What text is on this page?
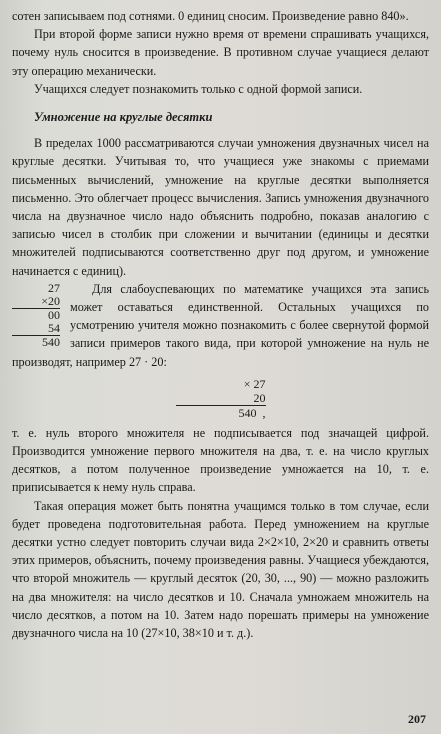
сотен записываем под сотнями. 0 единиц сносим. Произведение равно 840».

При второй форме записи нужно время от времени спрашивать учащихся, почему нуль сносится в произведение. В противном случае учащиеся делают эту операцию механически.

Учащихся следует познакомить только с одной формой записи.

Умножение на круглые десятки

В пределах 1000 рассматриваются случаи умножения двузначных чисел на круглые десятки. Учитывая то, что учащиеся уже знакомы с приемами письменных вычислений, умножение на круглые десятки выполняется письменно. Это облегчает процесс вычисления. Запись умножения двузначного числа на двузначное число надо объяснить подробно, показав аналогию с записью чисел в столбик при сложении и вычитании (единицы и десятки множителей подписываются соответственно друг под другом, и умножение начинается с единиц).

27
×20
00
54
540

Для слабоуспевающих по математике учащихся эта запись может оставаться единственной. Остальных учащихся по усмотрению учителя можно познакомить с более свернутой формой записи примеров такого вида, при которой умножение на нуль не производят, например 27 · 20:

× 27
20
540 ,

т. е. нуль второго множителя не подписывается под значащей цифрой. Производится умножение первого множителя на два, т. е. на число круглых десятков, а потом полученное произведение умножается на 10, т. е. приписывается к нему нуль справа.

Такая операция может быть понятна учащимся только в том случае, если будет проведена подготовительная работа. Перед умножением на круглые десятки устно следует повторить случаи вида 2×2×10, 2×20 и сравнить ответы этих примеров, объяснить, почему произведения равны. Учащиеся убеждаются, что второй множитель — круглый десяток (20, 30, ..., 90) — можно разложить на два множителя: на число десятков и 10. Сначала умножаем множитель на число десятков, а потом на 10. Затем надо порешать примеры на умножение двузначного числа на 10 (27×10, 38×10 и т. д.).

207
